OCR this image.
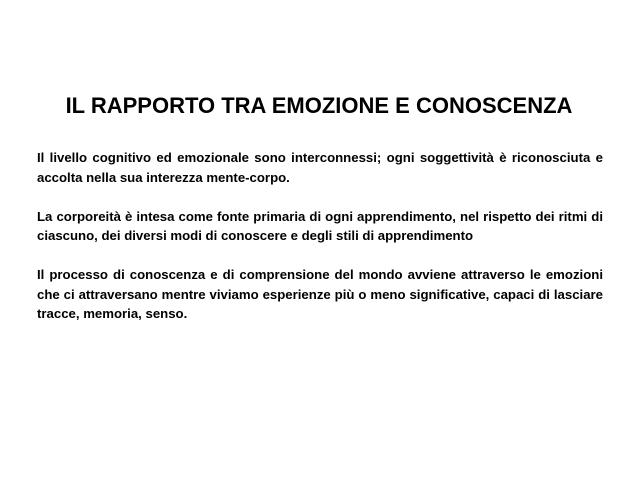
IL RAPPORTO TRA EMOZIONE E CONOSCENZA

Il livello cognitivo ed emozionale sono interconnessi; ogni soggettività è riconosciuta e accolta nella sua interezza mente-corpo.

La corporeità è intesa come fonte primaria di ogni apprendimento, nel rispetto dei ritmi di ciascuno, dei diversi modi di conoscere e degli stili di apprendimento

Il processo di conoscenza e di comprensione del mondo avviene attraverso le emozioni che ci attraversano mentre viviamo esperienze più o meno significative, capaci di lasciare tracce, memoria, senso.
